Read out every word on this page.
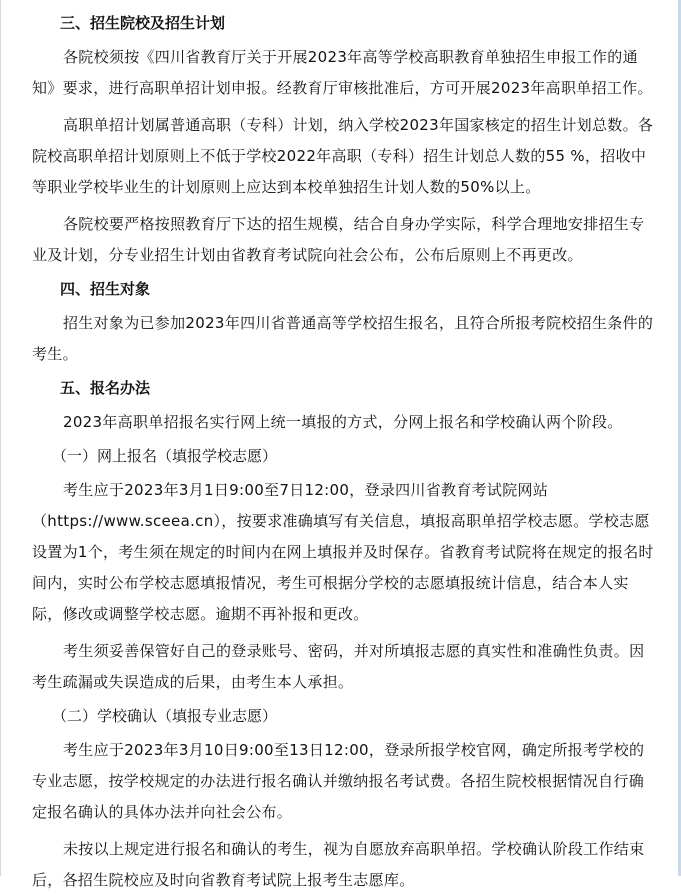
三、招生院校及招生计划

各院校须按《四川省教育厅关于开展2023年高等学校高职教育单独招生申报工作的通知》要求，进行高职单招计划申报。经教育厅审核批准后，方可开展2023年高职单招工作。

高职单招计划属普通高职（专科）计划，纳入学校2023年国家核定的招生计划总数。各院校高职单招计划原则上不低于学校2022年高职（专科）招生计划总人数的55 %，招收中等职业学校毕业生的计划原则上应达到本校单独招生计划人数的50%以上。

各院校要严格按照教育厅下达的招生规模，结合自身办学实际，科学合理地安排招生专业及计划，分专业招生计划由省教育考试院向社会公布，公布后原则上不再更改。

四、招生对象

招生对象为已参加2023年四川省普通高等学校招生报名，且符合所报考院校招生条件的考生。

五、报名办法

2023年高职单招报名实行网上统一填报的方式，分网上报名和学校确认两个阶段。

（一）网上报名（填报学校志愿）

考生应于2023年3月1日9:00至7日12:00，登录四川省教育考试院网站（https://www.sceea.cn），按要求准确填写有关信息，填报高职单招学校志愿。学校志愿设置为1个，考生须在规定的时间内在网上填报并及时保存。省教育考试院将在规定的报名时间内，实时公布学校志愿填报情况，考生可根据分学校的志愿填报统计信息，结合本人实际，修改或调整学校志愿。逾期不再补报和更改。

考生须妥善保管好自己的登录账号、密码，并对所填报志愿的真实性和准确性负责。因考生疏漏或失误造成的后果，由考生本人承担。

（二）学校确认（填报专业志愿）

考生应于2023年3月10日9:00至13日12:00，登录所报学校官网，确定所报考学校的专业志愿，按学校规定的办法进行报名确认并缴纳报名考试费。各招生院校根据情况自行确定报名确认的具体办法并向社会公布。

未按以上规定进行报名和确认的考生，视为自愿放弃高职单招。学校确认阶段工作结束后，各招生院校应及时向省教育考试院上报考生志愿库。
